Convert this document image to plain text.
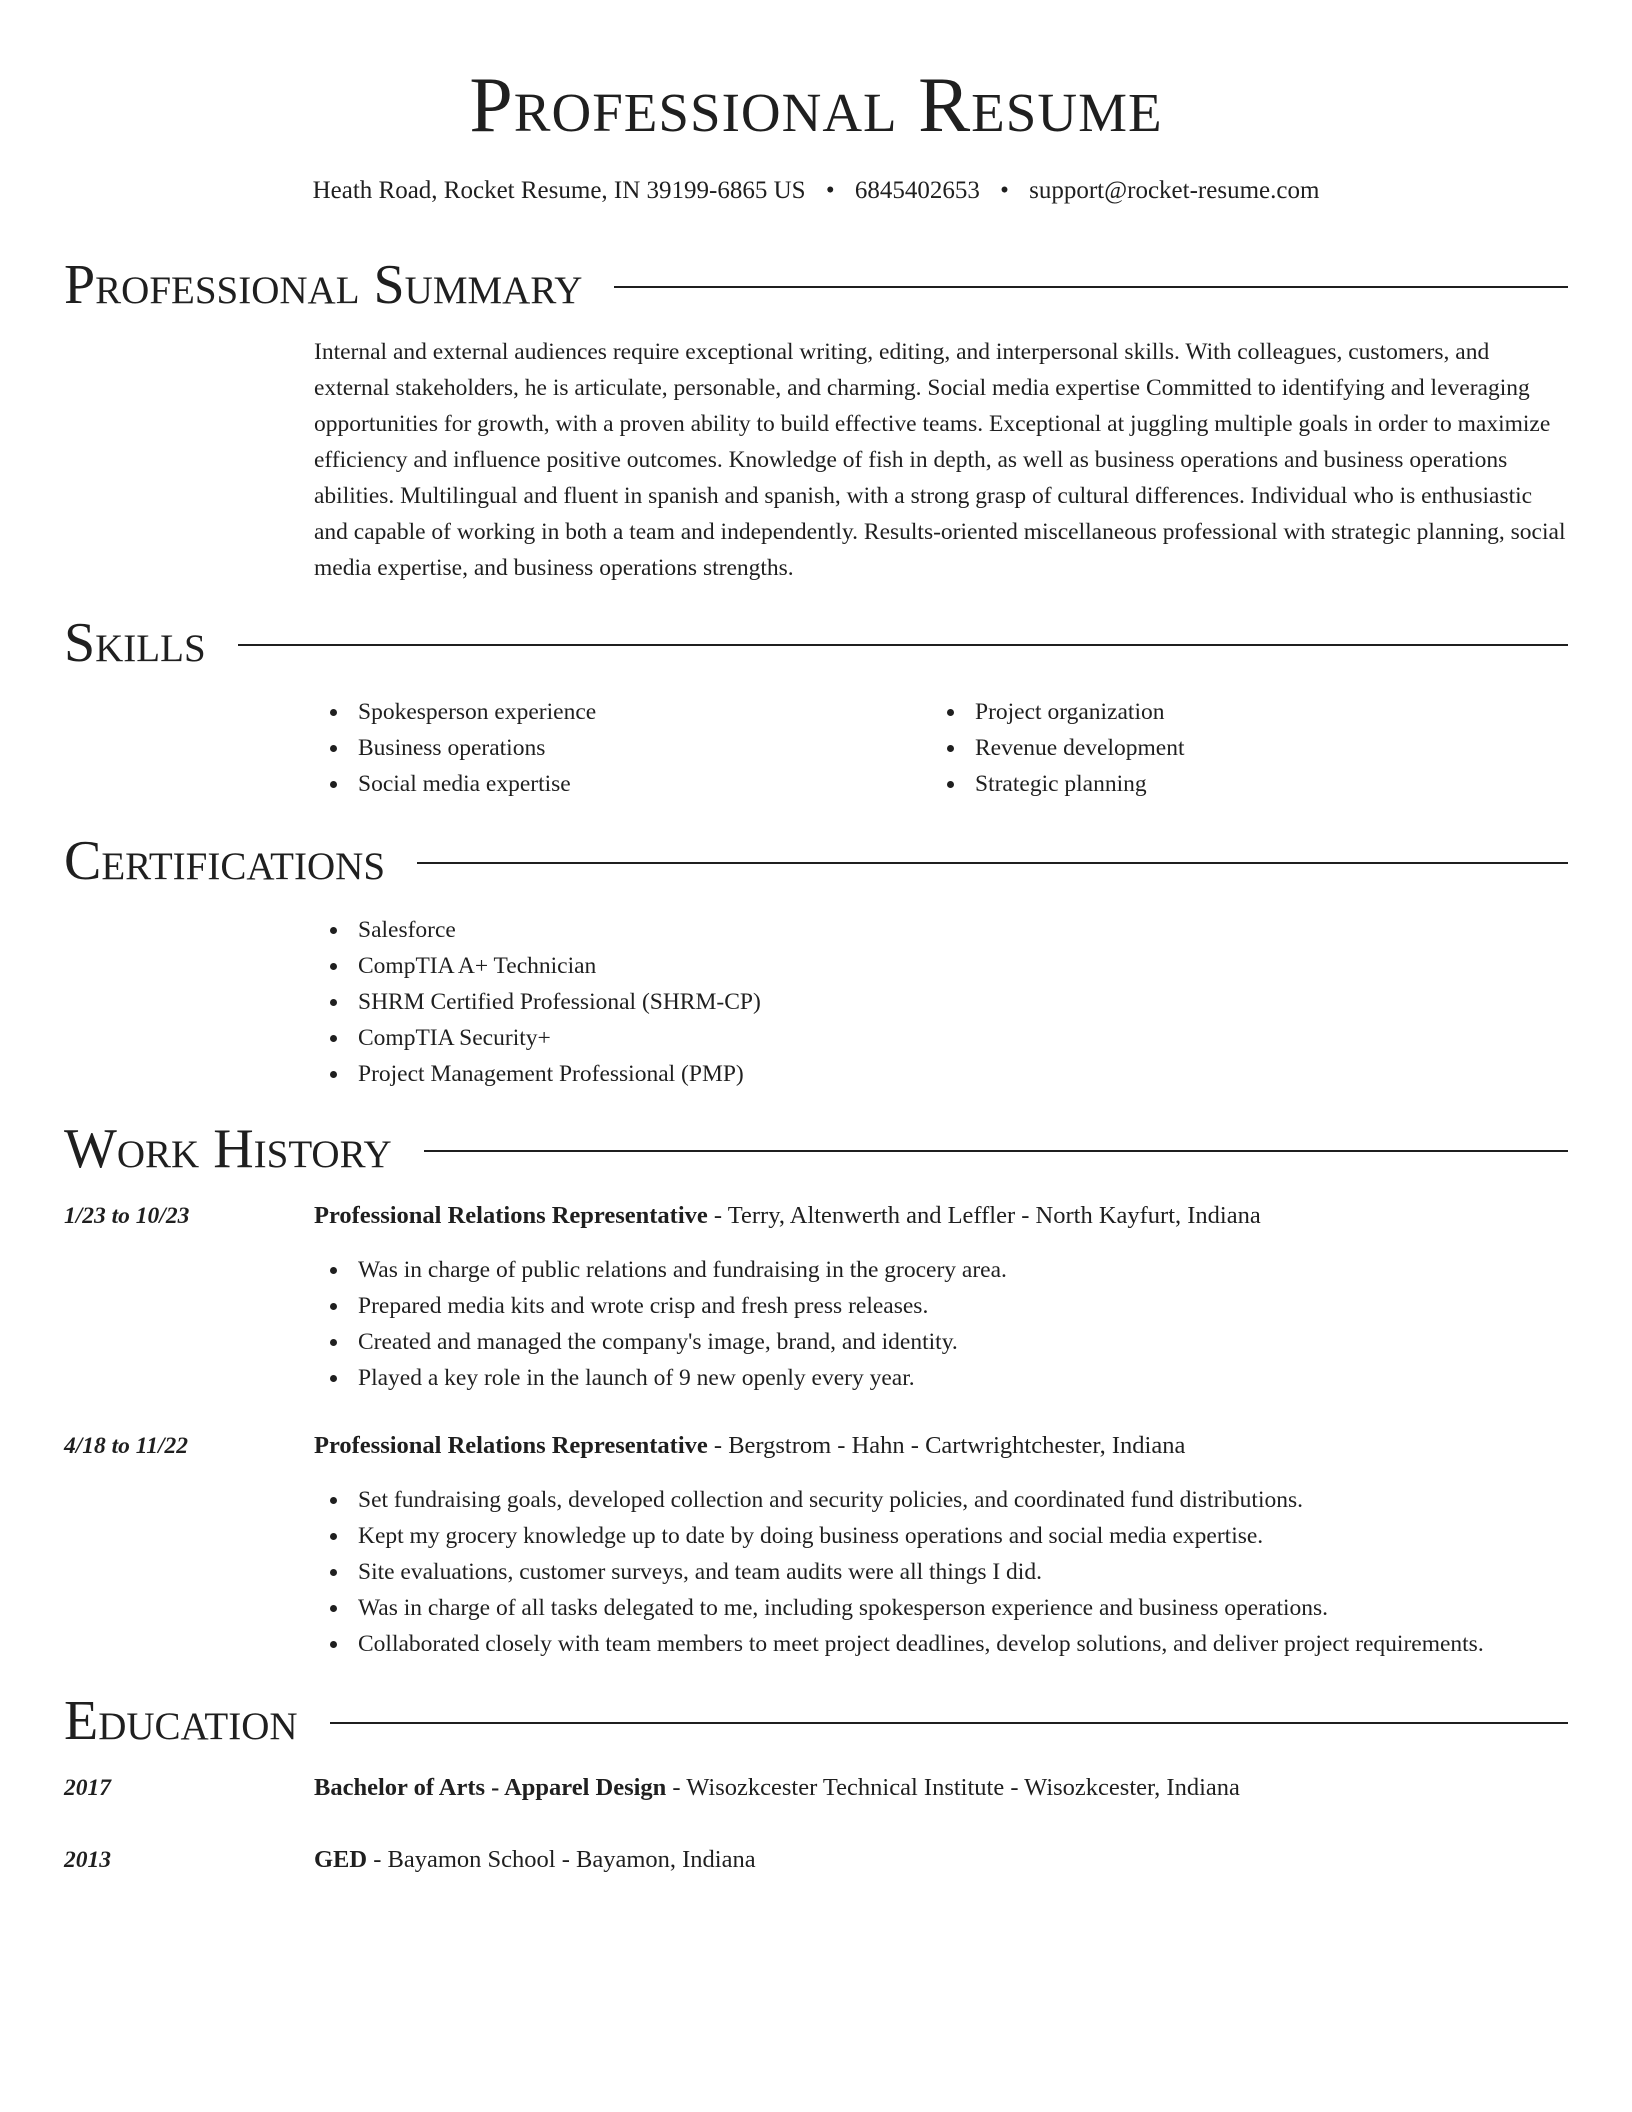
Professional Resume
Heath Road, Rocket Resume, IN 39199-6865 US • 6845402653 • support@rocket-resume.com
Professional Summary

Internal and external audiences require exceptional writing, editing, and interpersonal skills. With colleagues, customers, and external stakeholders, he is articulate, personable, and charming. Social media expertise Committed to identifying and leveraging opportunities for growth, with a proven ability to build effective teams. Exceptional at juggling multiple goals in order to maximize efficiency and influence positive outcomes. Knowledge of fish in depth, as well as business operations and business operations abilities. Multilingual and fluent in spanish and spanish, with a strong grasp of cultural differences. Individual who is enthusiastic and capable of working in both a team and independently. Results-oriented miscellaneous professional with strategic planning, social media expertise, and business operations strengths.

Skills
Spokesperson experience
Business operations
Social media expertise
Project organization
Revenue development
Strategic planning
Certifications
Salesforce
CompTIA A+ Technician
SHRM Certified Professional (SHRM-CP)
CompTIA Security+
Project Management Professional (PMP)
Work History
1/23 to 10/23	Professional Relations Representative - Terry, Altenwerth and Leffler - North Kayfurt, Indiana
Was in charge of public relations and fundraising in the grocery area.
Prepared media kits and wrote crisp and fresh press releases.
Created and managed the company's image, brand, and identity.
Played a key role in the launch of 9 new openly every year.
4/18 to 11/22	Professional Relations Representative - Bergstrom - Hahn - Cartwrightchester, Indiana
Set fundraising goals, developed collection and security policies, and coordinated fund distributions.
Kept my grocery knowledge up to date by doing business operations and social media expertise.
Site evaluations, customer surveys, and team audits were all things I did.
Was in charge of all tasks delegated to me, including spokesperson experience and business operations.
Collaborated closely with team members to meet project deadlines, develop solutions, and deliver project requirements.
Education
2017	Bachelor of Arts - Apparel Design - Wisozkcester Technical Institute - Wisozkcester, Indiana
2013	GED - Bayamon School - Bayamon, Indiana
